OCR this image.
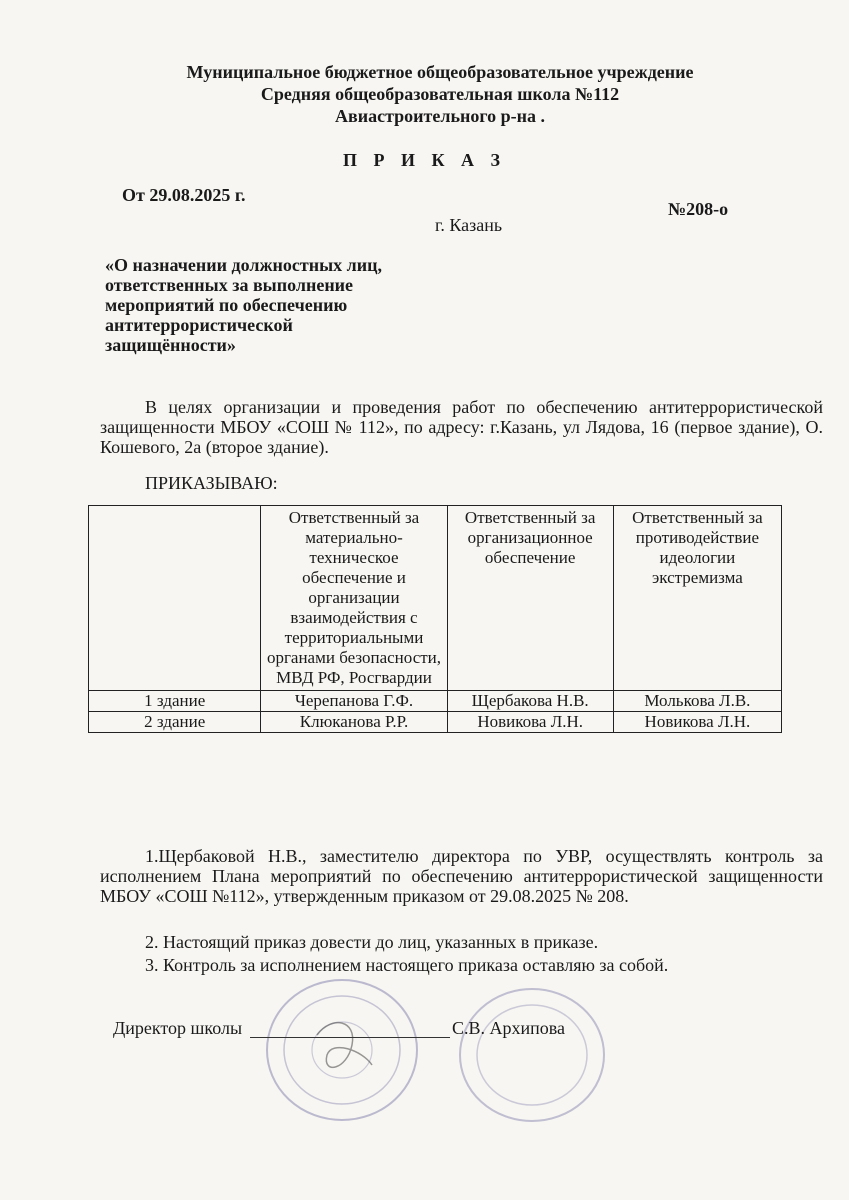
Муниципальное бюджетное общеобразовательное учреждение
Средняя общеобразовательная школа №112
Авиастроительного р-на .
П Р И К А З
От 29.08.2025 г.
№208-о
г. Казань
«О назначении должностных лиц,
ответственных за выполнение
мероприятий по обеспечению
антитеррористической
защищённости»
В целях организации и проведения работ по обеспечению антитеррористической защищенности МБОУ «СОШ № 112», по адресу: г.Казань, ул Лядова, 16 (первое здание), О. Кошевого, 2а (второе здание).
ПРИКАЗЫВАЮ:
	Ответственный за материально-техническое обеспечение и организации взаимодействия с территориальными органами безопасности, МВД РФ, Росгвардии	Ответственный за организационное обеспечение	Ответственный за противодействие идеологии экстремизма
1 здание	Черепанова Г.Ф.	Щербакова Н.В.	Молькова Л.В.
2 здание	Клюканова Р.Р.	Новикова Л.Н.	Новикова Л.Н.
1.Щербаковой Н.В., заместителю директора по УВР, осуществлять контроль за исполнением Плана мероприятий по обеспечению антитеррористической защищенности МБОУ «СОШ №112», утвержденным приказом от 29.08.2025 № 208.
2. Настоящий приказ довести до лиц, указанных в приказе.
3. Контроль за исполнением настоящего приказа оставляю за собой.
Директор школы	С.В. Архипова
